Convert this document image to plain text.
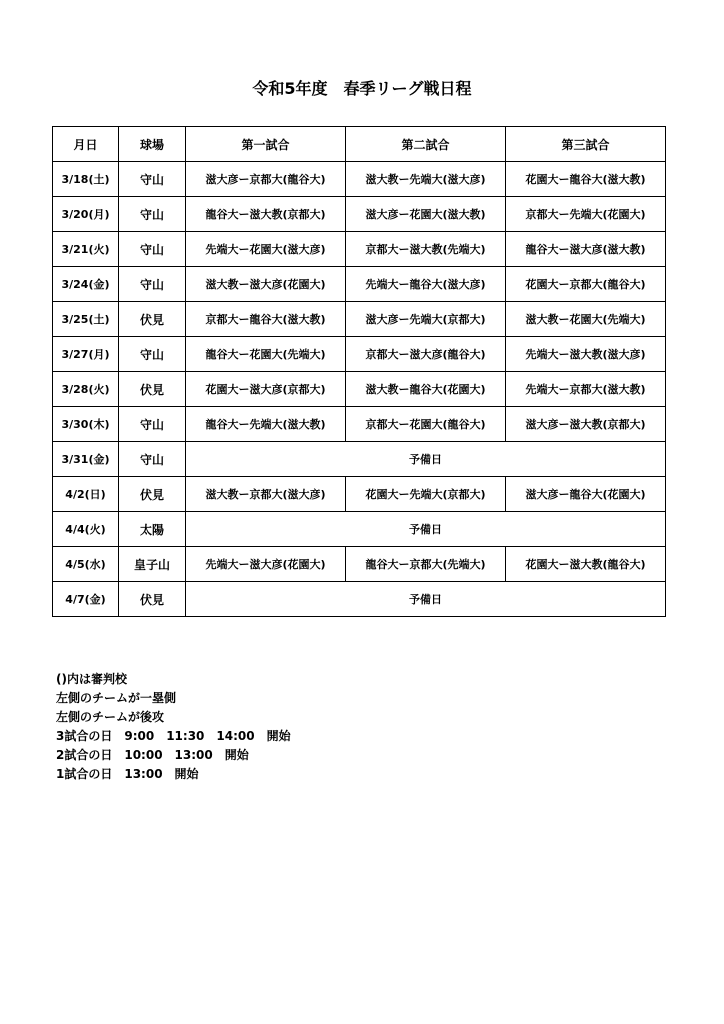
令和5年度　春季リーグ戦日程
月日	球場	第一試合	第二試合	第三試合
3/18(土)	守山	滋大彦ー京都大(龍谷大)	滋大教ー先端大(滋大彦)	花園大ー龍谷大(滋大教)
3/20(月)	守山	龍谷大ー滋大教(京都大)	滋大彦ー花園大(滋大教)	京都大ー先端大(花園大)
3/21(火)	守山	先端大ー花園大(滋大彦)	京都大ー滋大教(先端大)	龍谷大ー滋大彦(滋大教)
3/24(金)	守山	滋大教ー滋大彦(花園大)	先端大ー龍谷大(滋大彦)	花園大ー京都大(龍谷大)
3/25(土)	伏見	京都大ー龍谷大(滋大教)	滋大彦ー先端大(京都大)	滋大教ー花園大(先端大)
3/27(月)	守山	龍谷大ー花園大(先端大)	京都大ー滋大彦(龍谷大)	先端大ー滋大教(滋大彦)
3/28(火)	伏見	花園大ー滋大彦(京都大)	滋大教ー龍谷大(花園大)	先端大ー京都大(滋大教)
3/30(木)	守山	龍谷大ー先端大(滋大教)	京都大ー花園大(龍谷大)	滋大彦ー滋大教(京都大)
3/31(金)	守山	予備日		
4/2(日)	伏見	滋大教ー京都大(滋大彦)	花園大ー先端大(京都大)	滋大彦ー龍谷大(花園大)
4/4(火)	太陽	予備日		
4/5(水)	皇子山	先端大ー滋大彦(花園大)	龍谷大ー京都大(先端大)	花園大ー滋大教(龍谷大)
4/7(金)	伏見	予備日		
()内は審判校
左側のチームが一塁側
左側のチームが後攻
3試合の日　9:00　11:30　14:00　開始
2試合の日　10:00　13:00　開始
1試合の日　13:00　開始
